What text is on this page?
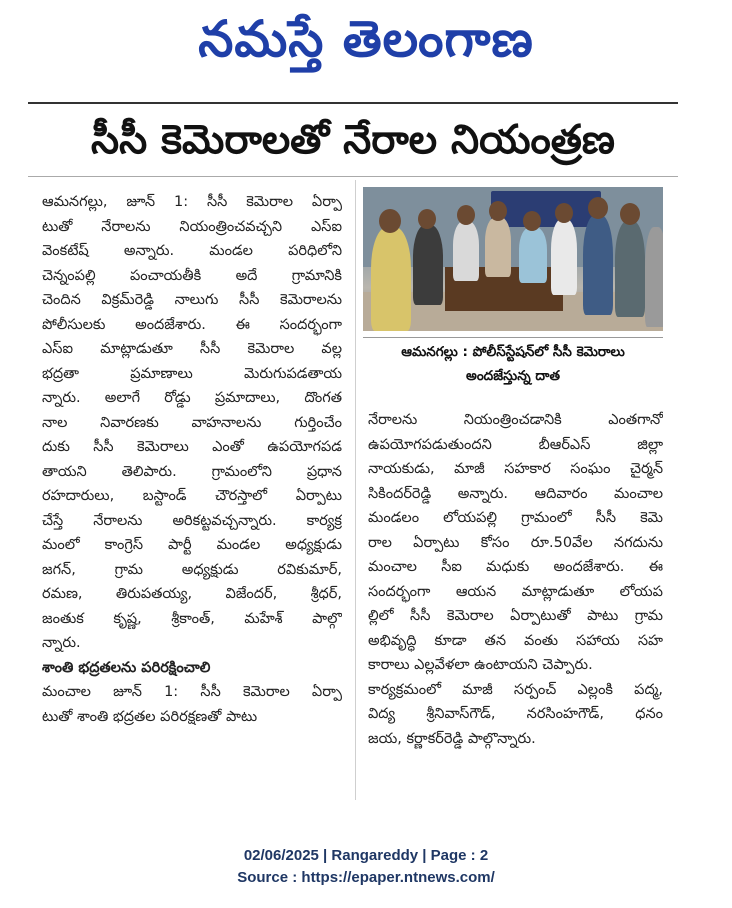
నమస్తే తెలంగాణ
సీసీ కెమెరాలతో నేరాల నియంత్రణ
ఆమనగల్లు, జూన్ 1: సీసీ కెమెరాల ఏర్పా
టుతో నేరాలను నియంత్రించవచ్చని ఎస్ఐ
వెంకటేష్ అన్నారు. మండల పరిధిలోని
చెన్నంపల్లి పంచాయతీకి అదే గ్రామానికి
చెందిన విక్రమ్‌రెడ్డి నాలుగు సీసీ కెమెరాలను
పోలీసులకు అందజేశారు. ఈ సందర్భంగా
ఎస్ఐ మాట్లాడుతూ సీసీ కెమెరాల వల్ల
భద్రతా ప్రమాణాలు మెరుగుపడతాయ
న్నారు. అలాగే రోడ్డు ప్రమాదాలు, దొంగత
నాల నివారణకు వాహనాలను గుర్తించేం
దుకు సీసీ కెమెరాలు ఎంతో ఉపయోగపడ
తాయని తెలిపారు. గ్రామంలోని ప్రధాన
రహదారులు, బస్టాండ్ చౌరస్తాలో ఏర్పాటు
చేస్తే నేరాలను అరికట్టవచ్చన్నారు. కార్యక్ర
మంలో కాంగ్రెస్ పార్టీ మండల అధ్యక్షుడు
జగన్, గ్రామ అధ్యక్షుడు రవికుమార్,
రమణ, తిరుపతయ్య, విజేందర్, శ్రీధర్,
జంతుక కృష్ణ, శ్రీకాంత్, మహేశ్ పాల్గొ
న్నారు.
శాంతి భద్రతలను పరిరక్షించాలి
మంచాల జూన్ 1: సీసీ కెమెరాల ఏర్పా
టుతో శాంతి భద్రతల పరిరక్షణతో పాటు
ఆమనగల్లు : పోలీస్‌స్టేషన్‌లో సీసీ కెమెరాలు
అందజేస్తున్న దాత
నేరాలను నియంత్రించడానికి ఎంతగానో
ఉపయోగపడుతుందని బీఆర్ఎస్ జిల్లా
నాయకుడు, మాజీ సహకార సంఘం చైర్మన్
సికిందర్‌రెడ్డి అన్నారు. ఆదివారం మంచాల
మండలం లోయపల్లి గ్రామంలో సీసీ కెమె
రాల ఏర్పాటు కోసం రూ.50వేల నగదును
మంచాల సీఐ మధుకు అందజేశారు. ఈ
సందర్భంగా ఆయన మాట్లాడుతూ లోయప
ల్లిలో సీసీ కెమెరాల ఏర్పాటుతో పాటు గ్రామ
అభివృద్ధి కూడా తన వంతు సహాయ సహ
కారాలు ఎల్లవేళలా ఉంటాయని చెప్పారు.
కార్యక్రమంలో మాజీ సర్పంచ్ ఎల్లంకి పద్మ,
విద్య శ్రీనివాస్‌గౌడ్, నరసింహగౌడ్, ధనం
జయ, కర్ణాకర్‌రెడ్డి పాల్గొన్నారు.
02/06/2025 | Rangareddy | Page : 2
Source : https://epaper.ntnews.com/
